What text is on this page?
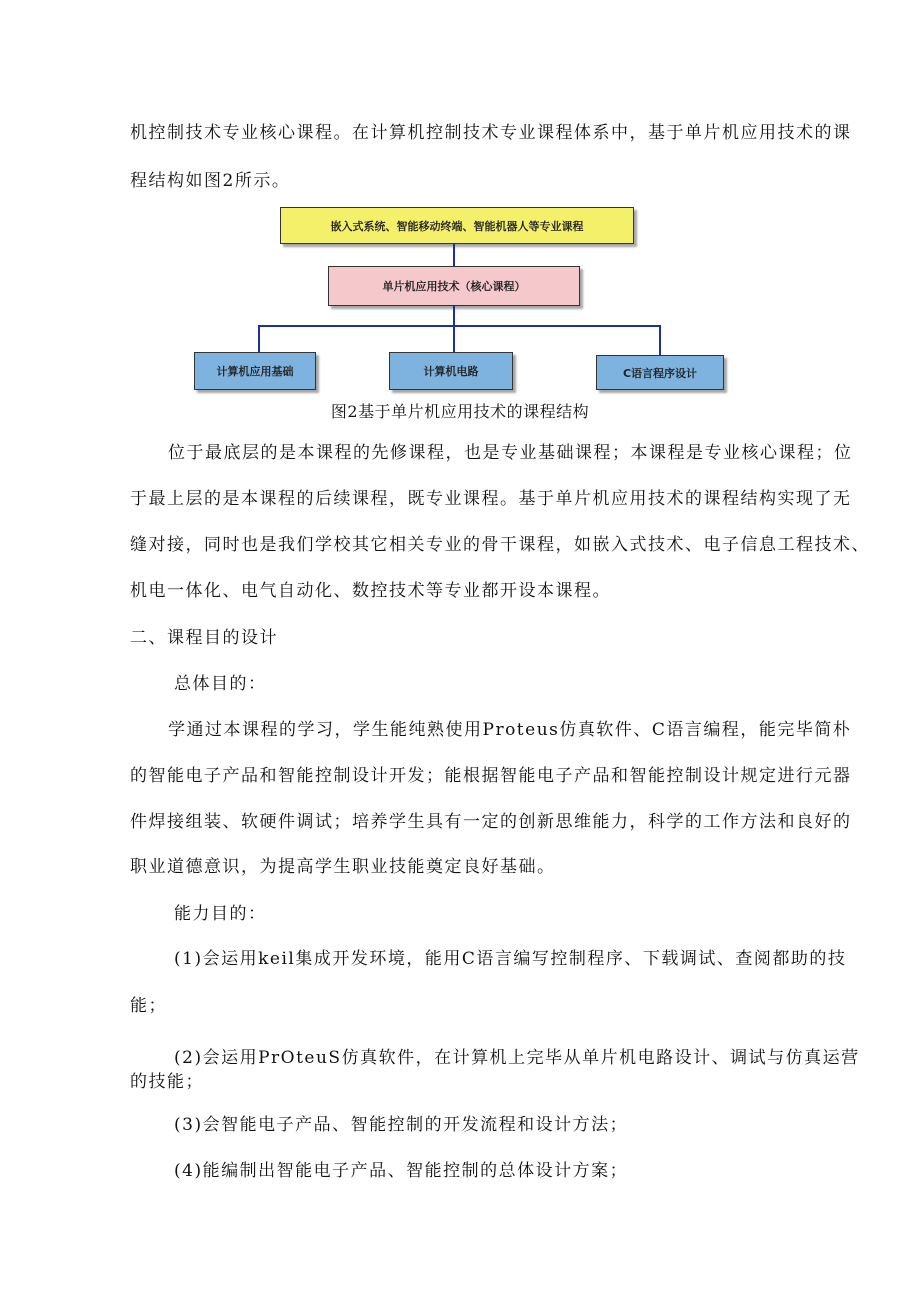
机控制技术专业核心课程。在计算机控制技术专业课程体系中，基于单片机应用技术的课
程结构如图2所示。
嵌入式系统、智能移动终端、智能机器人等专业课程
单片机应用技术（核心课程）
计算机应用基础	计算机电路	C语言程序设计
图2基于单片机应用技术的课程结构
位于最底层的是本课程的先修课程，也是专业基础课程；本课程是专业核心课程；位
于最上层的是本课程的后续课程，既专业课程。基于单片机应用技术的课程结构实现了无
缝对接，同时也是我们学校其它相关专业的骨干课程，如嵌入式技术、电子信息工程技术、
机电一体化、电气自动化、数控技术等专业都开设本课程。
二、课程目的设计
总体目的：
学通过本课程的学习，学生能纯熟使用Proteus仿真软件、C语言编程，能完毕简朴
的智能电子产品和智能控制设计开发；能根据智能电子产品和智能控制设计规定进行元器
件焊接组装、软硬件调试；培养学生具有一定的创新思维能力，科学的工作方法和良好的
职业道德意识，为提高学生职业技能奠定良好基础。
能力目的：
(1)会运用keil集成开发环境，能用C语言编写控制程序、下载调试、查阅都助的技
能；
(2)会运用PrOteuS仿真软件，在计算机上完毕从单片机电路设计、调试与仿真运营
的技能；
(3)会智能电子产品、智能控制的开发流程和设计方法；
(4)能编制出智能电子产品、智能控制的总体设计方案；
